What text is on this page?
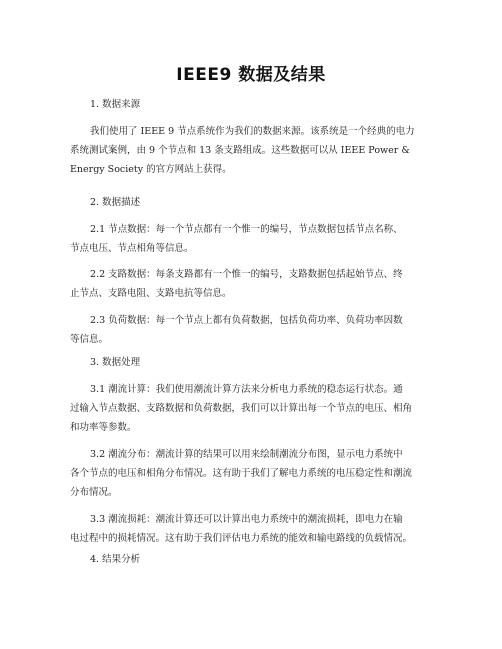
IEEE9 数据及结果
1. 数据来源
我们使用了 IEEE 9 节点系统作为我们的数据来源。该系统是一个经典的电力
系统测试案例，由 9 个节点和 13 条支路组成。这些数据可以从 IEEE Power &
Energy Society 的官方网站上获得。
2. 数据描述
2.1 节点数据：每一个节点都有一个惟一的编号，节点数据包括节点名称、
节点电压、节点相角等信息。
2.2 支路数据：每条支路都有一个惟一的编号，支路数据包括起始节点、终
止节点、支路电阻、支路电抗等信息。
2.3 负荷数据：每一个节点上都有负荷数据，包括负荷功率、负荷功率因数
等信息。
3. 数据处理
3.1 潮流计算：我们使用潮流计算方法来分析电力系统的稳态运行状态。通
过输入节点数据、支路数据和负荷数据，我们可以计算出每一个节点的电压、相角
和功率等参数。
3.2 潮流分布：潮流计算的结果可以用来绘制潮流分布图，显示电力系统中
各个节点的电压和相角分布情况。这有助于我们了解电力系统的电压稳定性和潮流
分布情况。
3.3 潮流损耗：潮流计算还可以计算出电力系统中的潮流损耗，即电力在输
电过程中的损耗情况。这有助于我们评估电力系统的能效和输电路线的负载情况。
4. 结果分析
